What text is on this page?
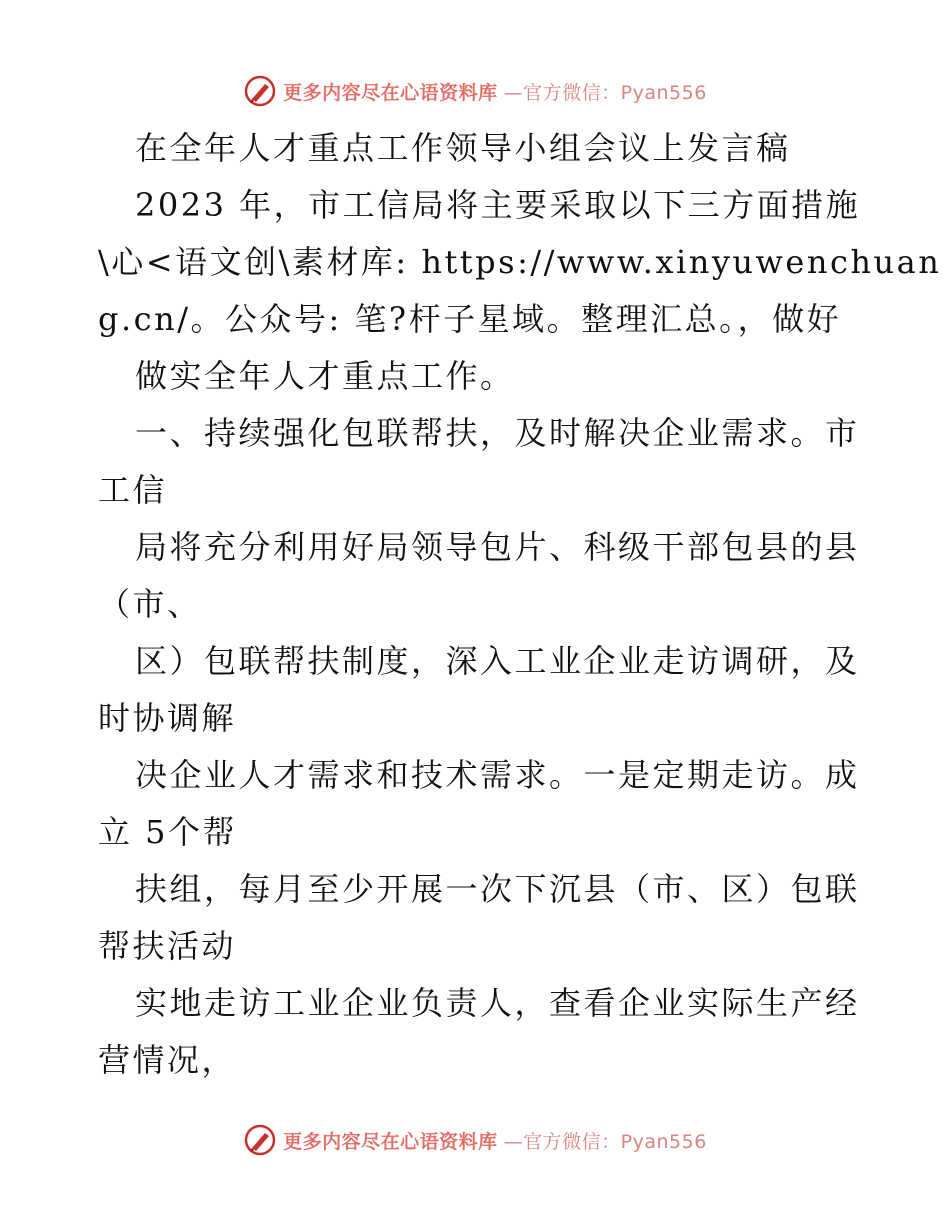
更多内容尽在心语资料库 —官方微信：Pyan556
在全年人才重点工作领导小组会议上发言稿
2023 年，市工信局将主要采取以下三方面措施
\心<语文创\素材库: https://www.xinyuwenchuan
g.cn/。公众号: 笔?杆子星域。整理汇总。，做好
做实全年人才重点工作。
一、持续强化包联帮扶，及时解决企业需求。市
工信
局将充分利用好局领导包片、科级干部包县的县
（市、
区）包联帮扶制度，深入工业企业走访调研，及
时协调解
决企业人才需求和技术需求。一是定期走访。成
立 5个帮
扶组，每月至少开展一次下沉县（市、区）包联
帮扶活动
实地走访工业企业负责人，查看企业实际生产经
营情况，
更多内容尽在心语资料库 —官方微信：Pyan556
